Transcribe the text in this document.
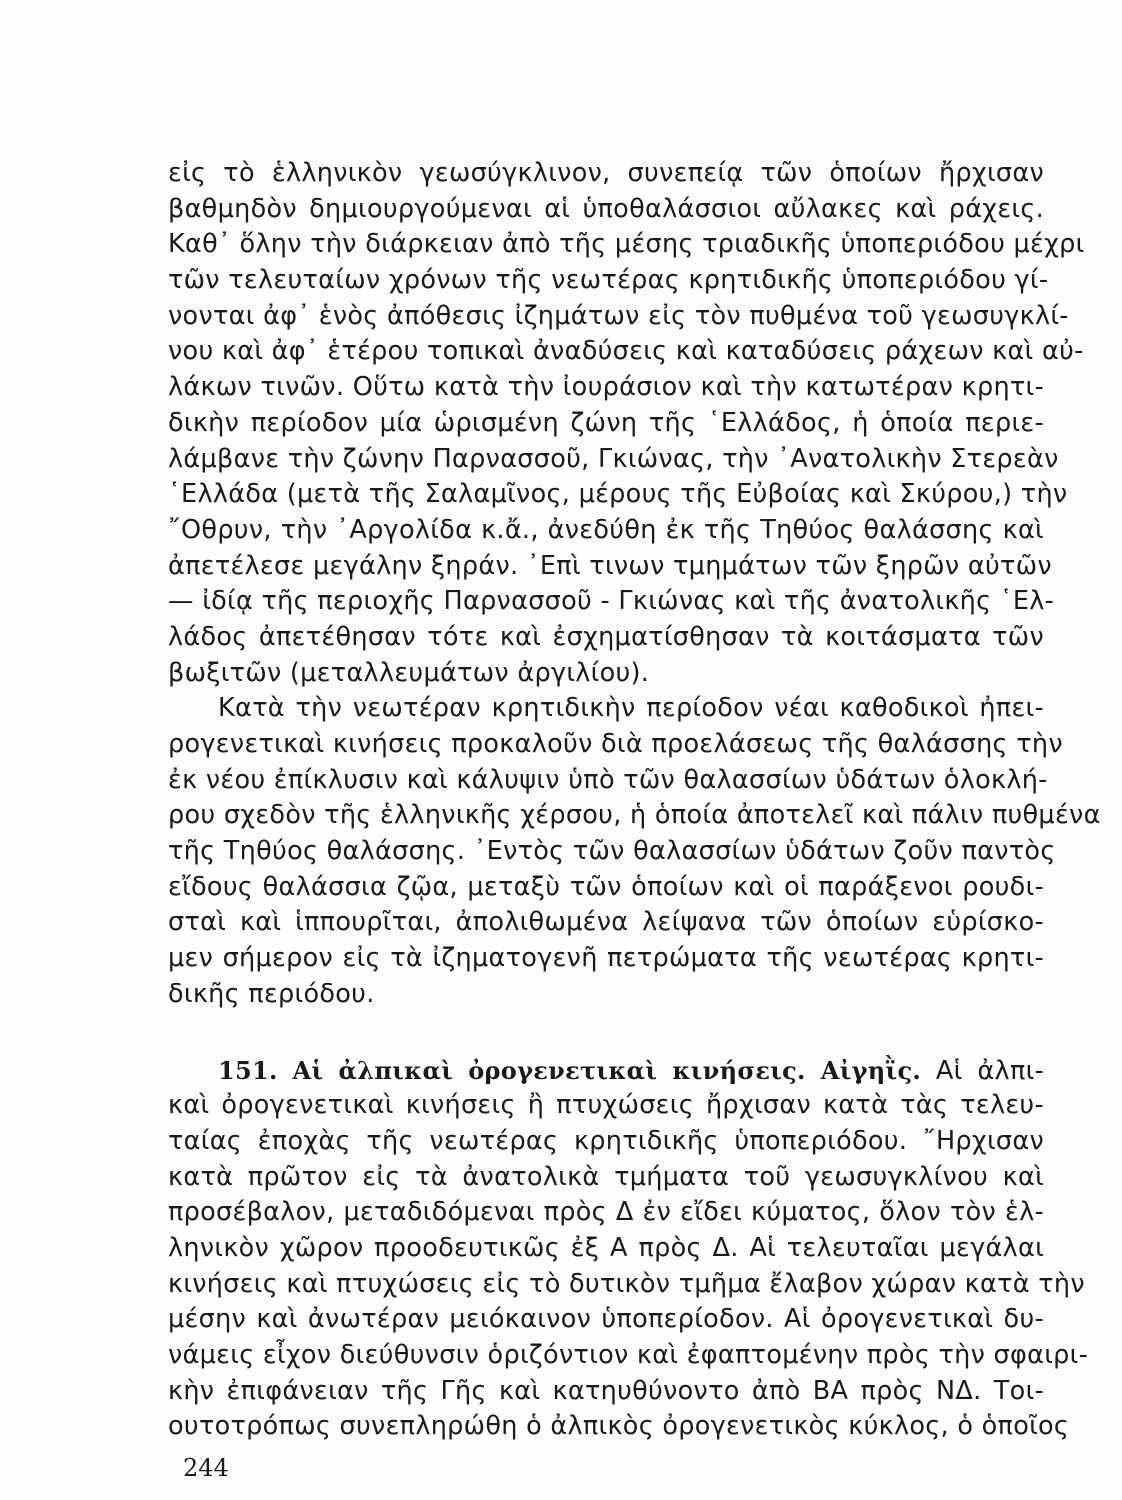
εἰς τὸ ἑλληνικὸν γεωσύγκλινον, συνεπείᾳ τῶν ὁποίων ἤρχισαν
βαθμηδὸν δημιουργούμεναι αἱ ὑποθαλάσσιοι αὔλακες καὶ ράχεις.
Καθ᾽ ὅλην τὴν διάρκειαν ἀπὸ τῆς μέσης τριαδικῆς ὑποπεριόδου μέχρι
τῶν τελευταίων χρόνων τῆς νεωτέρας κρητιδικῆς ὑποπεριόδου γί-
νονται ἀφ᾽ ἑνὸς ἀπόθεσις ἰζημάτων εἰς τὸν πυθμένα τοῦ γεωσυγκλί-
νου καὶ ἀφ᾽ ἑτέρου τοπικαὶ ἀναδύσεις καὶ καταδύσεις ράχεων καὶ αὐ-
λάκων τινῶν. Οὕτω κατὰ τὴν ἰουράσιον καὶ τὴν κατωτέραν κρητι-
δικὴν περίοδον μία ὡρισμένη ζώνη τῆς ῾Ελλάδος, ἡ ὁποία περιε-
λάμβανε τὴν ζώνην Παρνασσοῦ, Γκιώνας, τὴν ᾽Ανατολικὴν Στερεὰν
῾Ελλάδα (μετὰ τῆς Σαλαμῖνος, μέρους τῆς Εὐβοίας καὶ Σκύρου,) τὴν
῎Οθρυν, τὴν ᾽Αργολίδα κ.ἄ., ἀνεδύθη ἐκ τῆς Τηθύος θαλάσσης καὶ
ἀπετέλεσε μεγάλην ξηράν. ᾽Επὶ τινων τμημάτων τῶν ξηρῶν αὐτῶν
— ἰδίᾳ τῆς περιοχῆς Παρνασσοῦ - Γκιώνας καὶ τῆς ἀνατολικῆς ῾Ελ-
λάδος ἀπετέθησαν τότε καὶ ἐσχηματίσθησαν τὰ κοιτάσματα τῶν
βωξιτῶν (μεταλλευμάτων ἀργιλίου).
Κατὰ τὴν νεωτέραν κρητιδικὴν περίοδον νέαι καθοδικοὶ ἠπει-
ρογενετικαὶ κινήσεις προκαλοῦν διὰ προελάσεως τῆς θαλάσσης τὴν
ἐκ νέου ἐπίκλυσιν καὶ κάλυψιν ὑπὸ τῶν θαλασσίων ὑδάτων ὁλοκλή-
ρου σχεδὸν τῆς ἑλληνικῆς χέρσου, ἡ ὁποία ἀποτελεῖ καὶ πάλιν πυθμένα
τῆς Τηθύος θαλάσσης. ᾽Εντὸς τῶν θαλασσίων ὑδάτων ζοῦν παντὸς
εἴδους θαλάσσια ζῷα, μεταξὺ τῶν ὁποίων καὶ οἱ παράξενοι ρουδι-
σταὶ καὶ ἱππουρῖται, ἀπολιθωμένα λείψανα τῶν ὁποίων εὑρίσκο-
μεν σήμερον εἰς τὰ ἰζηματογενῆ πετρώματα τῆς νεωτέρας κρητι-
δικῆς περιόδου.
151. Αἱ ἀλπικαὶ ὀρογενετικαὶ κινήσεις. Αἰγηῒς. Αἱ ἀλπι-
καὶ ὀρογενετικαὶ κινήσεις ἢ πτυχώσεις ἤρχισαν κατὰ τὰς τελευ-
ταίας ἐποχὰς τῆς νεωτέρας κρητιδικῆς ὑποπεριόδου. ῎Ηρχισαν
κατὰ πρῶτον εἰς τὰ ἀνατολικὰ τμήματα τοῦ γεωσυγκλίνου καὶ
προσέβαλον, μεταδιδόμεναι πρὸς Δ ἐν εἴδει κύματος, ὅλον τὸν ἑλ-
ληνικὸν χῶρον προοδευτικῶς ἐξ Α πρὸς Δ. Αἱ τελευταῖαι μεγάλαι
κινήσεις καὶ πτυχώσεις εἰς τὸ δυτικὸν τμῆμα ἔλαβον χώραν κατὰ τὴν
μέσην καὶ ἀνωτέραν μειόκαινον ὑποπερίοδον. Αἱ ὀρογενετικαὶ δυ-
νάμεις εἶχον διεύθυνσιν ὁριζόντιον καὶ ἐφαπτομένην πρὸς τὴν σφαιρι-
κὴν ἐπιφάνειαν τῆς Γῆς καὶ κατηυθύνοντο ἀπὸ ΒΑ πρὸς ΝΔ. Τοι-
ουτοτρόπως συνεπληρώθη ὁ ἀλπικὸς ὀρογενετικὸς κύκλος, ὁ ὁποῖος
244
